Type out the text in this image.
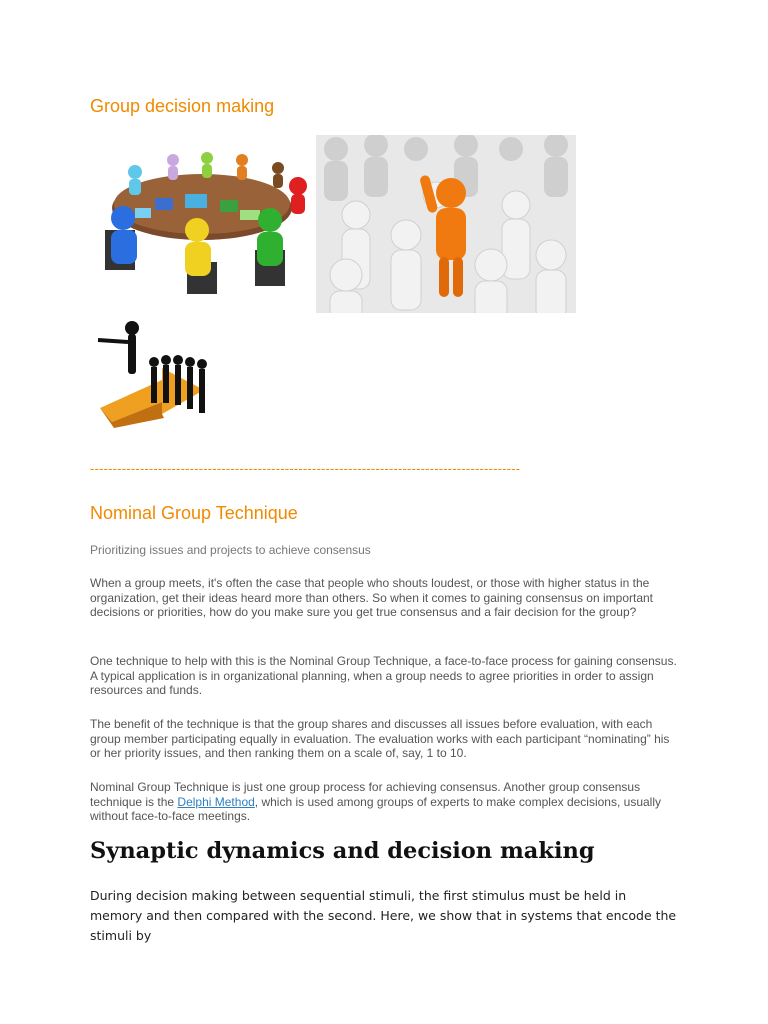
Group decision making
-----------------------------------------------------------------------------------------------
Nominal Group Technique

Prioritizing issues and projects to achieve consensus

When a group meets, it's often the case that people who shouts loudest, or those with higher status in the organization, get their ideas heard more than others. So when it comes to gaining consensus on important decisions or priorities, how do you make sure you get true consensus and a fair decision for the group?

One technique to help with this is the Nominal Group Technique, a face-to-face process for gaining consensus. A typical application is in organizational planning, when a group needs to agree priorities in order to assign resources and funds.

The benefit of the technique is that the group shares and discusses all issues before evaluation, with each group member participating equally in evaluation. The evaluation works with each participant “nominating” his or her priority issues, and then ranking them on a scale of, say, 1 to 10.

Nominal Group Technique is just one group process for achieving consensus. Another group consensus technique is the Delphi Method, which is used among groups of experts to make complex decisions, usually without face-to-face meetings.

Synaptic dynamics and decision making

During decision making between sequential stimuli, the first stimulus must be held in memory and then compared with the second. Here, we show that in systems that encode the stimuli by
